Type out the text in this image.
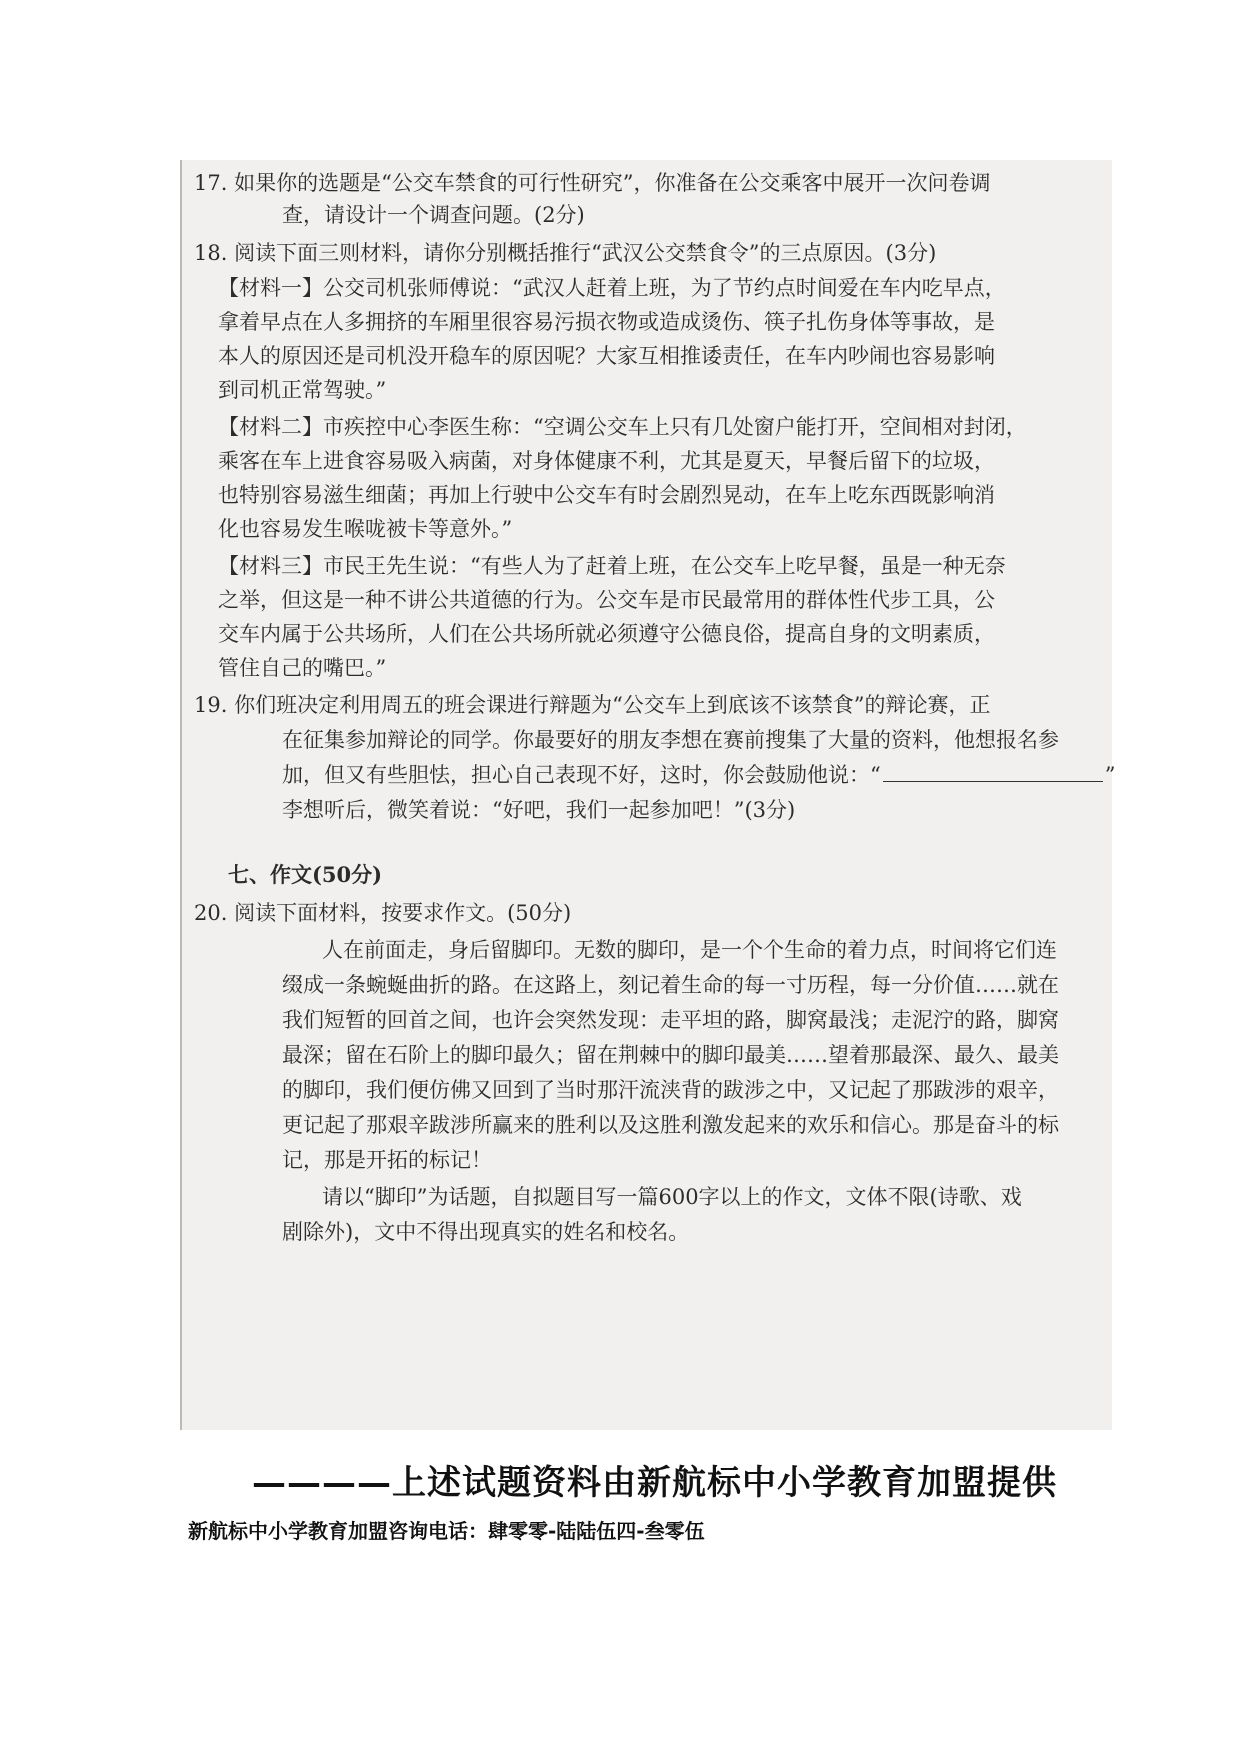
17. 如果你的选题是“公交车禁食的可行性研究”，你准备在公交乘客中展开一次问卷调
查，请设计一个调查问题。(2分)
18. 阅读下面三则材料，请你分别概括推行“武汉公交禁食令”的三点原因。(3分)
【材料一】公交司机张师傅说：“武汉人赶着上班，为了节约点时间爱在车内吃早点，
拿着早点在人多拥挤的车厢里很容易污损衣物或造成烫伤、筷子扎伤身体等事故，是
本人的原因还是司机没开稳车的原因呢？大家互相推诿责任，在车内吵闹也容易影响
到司机正常驾驶。”
【材料二】市疾控中心李医生称：“空调公交车上只有几处窗户能打开，空间相对封闭，
乘客在车上进食容易吸入病菌，对身体健康不利，尤其是夏天，早餐后留下的垃圾，
也特别容易滋生细菌；再加上行驶中公交车有时会剧烈晃动，在车上吃东西既影响消
化也容易发生喉咙被卡等意外。”
【材料三】市民王先生说：“有些人为了赶着上班，在公交车上吃早餐，虽是一种无奈
之举，但这是一种不讲公共道德的行为。公交车是市民最常用的群体性代步工具，公
交车内属于公共场所，人们在公共场所就必须遵守公德良俗，提高自身的文明素质，
管住自己的嘴巴。”
19. 你们班决定利用周五的班会课进行辩题为“公交车上到底该不该禁食”的辩论赛，正
在征集参加辩论的同学。你最要好的朋友李想在赛前搜集了大量的资料，他想报名参
加，但又有些胆怯，担心自己表现不好，这时，你会鼓励他说：“	”
李想听后，微笑着说：“好吧，我们一起参加吧！”(3分)
七、作文(50分)
20. 阅读下面材料，按要求作文。(50分)
人在前面走，身后留脚印。无数的脚印，是一个个生命的着力点，时间将它们连
缀成一条蜿蜒曲折的路。在这路上，刻记着生命的每一寸历程，每一分价值……就在
我们短暂的回首之间，也许会突然发现：走平坦的路，脚窝最浅；走泥泞的路，脚窝
最深；留在石阶上的脚印最久；留在荆棘中的脚印最美……望着那最深、最久、最美
的脚印，我们便仿佛又回到了当时那汗流浃背的跋涉之中，又记起了那跋涉的艰辛，
更记起了那艰辛跋涉所赢来的胜利以及这胜利激发起来的欢乐和信心。那是奋斗的标
记，那是开拓的标记！
请以“脚印”为话题，自拟题目写一篇600字以上的作文，文体不限(诗歌、戏
剧除外)，文中不得出现真实的姓名和校名。
————上述试题资料由新航标中小学教育加盟提供
新航标中小学教育加盟咨询电话：肆零零-陆陆伍四-叁零伍
